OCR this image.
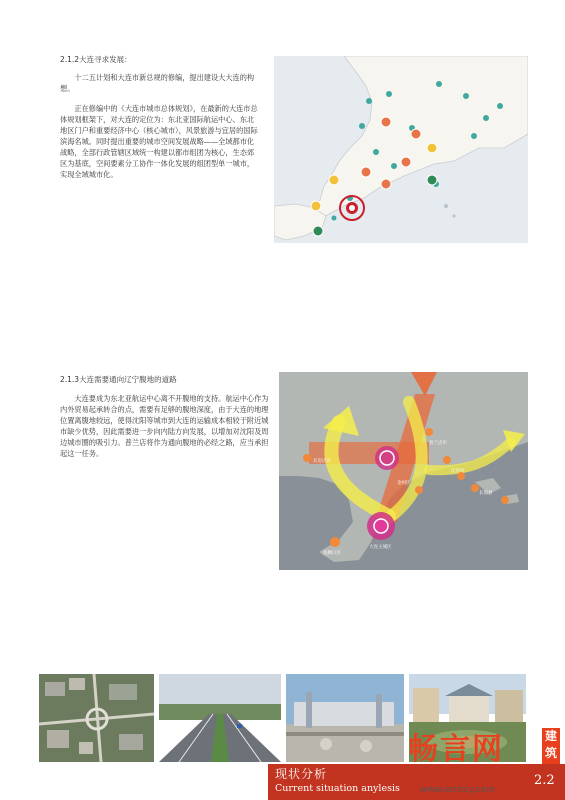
2.1.2大连寻求发展：

十二五计划和大连市新总规的修编，提出建设大大连的构想。

正在修编中的《大连市城市总体规划》，在最新的大连市总体规划框架下，对大连的定位为：东北亚国际航运中心、东北地区门户和重要经济中心（核心城市），风景旅游与宜居的国际滨海名城。同时提出重要的城市空间发展战略——全域都市化战略，全部行政管辖区域统一构建以都市组团为核心，生态郊区为基底，空间要素分工协作一体化发展的组团型单一城市，实现全域城市化。

2.1.3大连需要通向辽宁腹地的道路

大连要成为东北亚航运中心离不开腹地的支持。航运中心作为内外贸易起承转合的点，需要有足够的腹地深度，由于大连的地理位置离腹地较远，使得沈阳等城市到大连的运输成本相较于附近城市缺少优势，因此需要进一步向内陆方向发展，以增加对沈阳及周边城市圈的吸引力。普兰店将作为通向腹地的必经之路，应当承担起这一任务。

瓦房店市
普兰店市
庄河市
金州区
长海县
旅顺口区
大连主城区
现状分析
Current situation anylesis
2.2
畅言网	建筑
www.archcy.com
